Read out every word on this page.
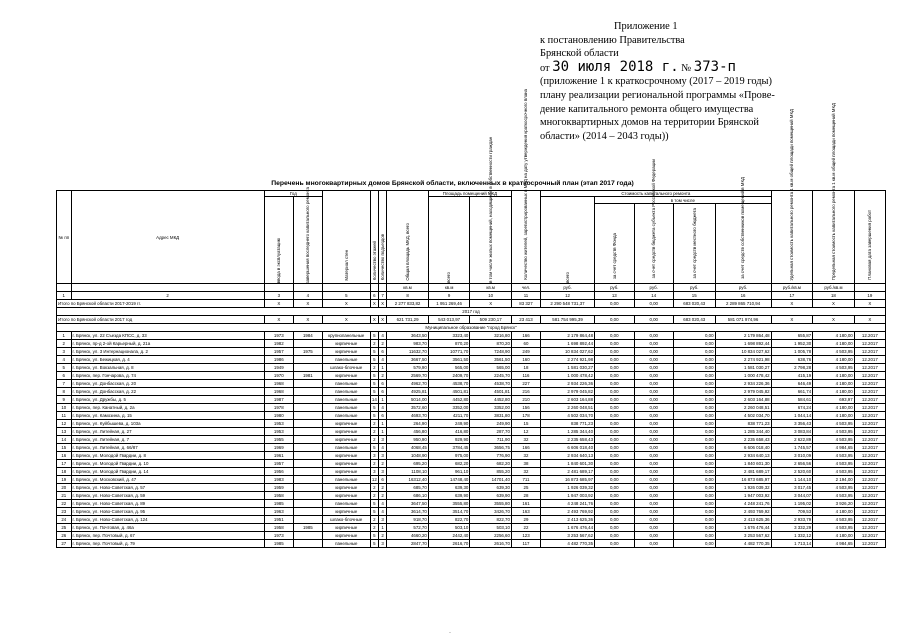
Приложение 1
к постановлению Правительства
Брянской области
от 30 июля 2018 г. № 373-п
(приложение 1 к краткосрочному (2017 – 2019 годы)
плану реализации региональной программы «Прове-
дение капитального ремонта общего имущества
многоквартирных домов на территории Брянской
области» (2014 – 2043 годы))
Перечень многоквартирных домов Брянской области, включенных в краткосрочный план (этап 2017 года)
№ пп	Адрес МКД	Год		Материал стен	Количество этажей	Количество подъездов	Общая площадь МКД, всего	Площадь помещений МКД		Количество жителей, зарегистрированных в МКД на дату утверждения краткосрочного плана	Стоимость капитального ремонта					Удельная стоимость капитального ремонта 1 кв.м общей площади помещений МКД	Предельная стоимость капитального ремонта 1 кв.м общей площади помещений МКД	Плановая дата завершения работ

		ввода в эксплуатацию	завершения последнего капитального ремонта					всего	в том числе жилых помещений, находящихся в собственности граждан		всего	в том числе						

												за счет средств Фонда	за счет средств бюджета субъекта Российской Федерации	за счет средств местного бюджета	за счет средств собственников помещений в МКД			

							кв.м	кв.м	кв.м	чел.	руб.	руб.	руб.	руб.	руб.	руб./кв.м	руб./кв.м	
1	2	3	4	5	6	7	8	9	10	11	12	13	14	15	16	17	18	19
Итого по Брянской области 2017-2019 гг.		X	X	X	X	X	2 277 833,82	1 951 269,46	X	83 327	2 290 548 731,37	0,00	0,00	683 020,43	2 289 865 710,94	X	X	X
2017 год																		
Итого по Брянской области 2017 год		X	X	X	X	X	621 731,29	543 013,97	509 230,17	23 413	581 754 995,39	0,00	0,00	683 020,43	581 071 974,96	X	X	X
Муниципальное образование "город Брянск"																		
1	г. Брянск, ул. 22 Съезда КПСС, д. 33	1973	1984	крупнопанельные	5	4	3643,50	3323,40	3216,80	166	2 179 864,48	0,00	0,00	0,00	2 179 864,48	655,87	4 180,00	12.2017
2	г. Брянск, пр-д 2-ой Карьерный, д. 21а	1982		кирпичные	2	2	983,70	870,20	870,20	60	1 698 892,44	0,00	0,00	0,00	1 698 892,44	1 952,30	4 180,00	12.2017
3	г. Брянск, ул. 3 Интернационала, д. 2	1957	1975	кирпичные	5	6	11632,70	10771,70	7248,90	249	10 834 027,62	0,00	0,00	0,00	10 834 027,62	1 005,78	4 503,95	12.2017
4	г. Брянск, ул. Бежицкая, д. 4	1986		панельные	5	4	3667,50	3561,50	3561,50	160	2 274 921,98	0,00	0,00	0,00	2 274 921,98	638,76	4 180,00	12.2017
5	г. Брянск, ул. Вокзальная, д. 8	1949		шлако-блочные	2	1	579,90	565,00	565,00	18	1 581 030,27	0,00	0,00	0,00	1 581 030,27	2 798,28	4 503,95	12.2017
6	г. Брянск, пер. Гончарова, д. 74	1970	1981	кирпичные	5	2	2569,70	2409,70	2245,70	116	1 000 478,42	0,00	0,00	0,00	1 000 478,42	415,19	4 180,00	12.2017
7	г. Брянск, ул. Донбасская, д. 20	1968		панельные	5	6	4962,70	4538,70	4538,70	227	2 934 226,36	0,00	0,00	0,00	2 934 226,36	646,49	4 180,00	12.2017
8	г. Брянск, ул. Донбасская, д. 22	1968		панельные	5	6	4925,81	4501,81	4501,81	216	2 979 045,82	0,00	0,00	0,00	2 979 045,82	661,74	4 180,00	12.2017
9	г. Брянск, ул. Дружбы, д. 5	1987		панельные	14	1	5014,00	4452,80	4452,80	210	2 603 164,88	0,00	0,00	0,00	2 603 164,88	584,61	693,97	12.2017
10	г. Брянск, пер. Канатный, д. 2а	1978		панельные	5	4	3572,60	3352,00	3352,00	156	2 260 048,51	0,00	0,00	0,00	2 260 048,51	674,24	4 180,00	12.2017
11	г. Брянск, ул. Камозина, д. 15	1980		панельные	5	6	4693,70	4211,70	3831,80	178	4 502 034,70	0,00	0,00	0,00	4 502 034,70	1 044,14	4 180,00	12.2017
12	г. Брянск, ул. Куйбышева, д. 103а	1953		кирпичные	2	1	264,90	249,90	249,90	15	838 771,23	0,00	0,00	0,00	838 771,23	3 356,43	4 503,95	12.2017
13	г. Брянск, ул. Литейная, д. 27	1953		кирпичные	2	1	456,80	416,80	287,70	12	1 285 344,40	0,00	0,00	0,00	1 285 344,40	3 083,84	4 503,95	12.2017
14	г. Брянск, ул. Литейная, д. 7	1955		кирпичные	2	3	950,90	929,90	711,90	32	2 235 658,43	0,00	0,00	0,00	2 235 658,43	2 622,89	4 503,95	12.2017
15	г. Брянск, ул. Литейная, д. 66/87	1969		панельные	5	4	4068,45	3784,45	3656,75	166	6 606 018,40	0,00	0,00	0,00	6 606 018,40	1 745,57	4 984,65	12.2017
16	г. Брянск, ул. Молодой Гвардии, д. 8	1961		кирпичные	3	3	1048,90	975,00	776,90	32	2 934 640,13	0,00	0,00	0,00	2 934 640,13	3 010,09	4 503,95	12.2017
17	г. Брянск, ул. Молодой Гвардии, д. 10	1957		кирпичные	2	2	695,20	682,20	682,20	38	1 840 601,30	0,00	0,00	0,00	1 840 601,30	2 656,56	4 503,95	12.2017
18	г. Брянск, ул. Молодой Гвардии, д. 14	1956		кирпичные	3	3	1108,10	961,10	855,20	32	2 481 689,17	0,00	0,00	0,00	2 481 689,17	2 520,60	4 503,95	12.2017
19	г. Брянск, ул. Московский, д. 47	1983		панельные	12	6	16312,40	14748,40	14701,40	711	16 873 685,97	0,00	0,00	0,00	16 873 685,97	1 144,10	2 194,00	12.2017
20	г. Брянск, ул. Ново-Советская, д. 57	1959		кирпичные	2	2	685,70	639,30	639,30	25	1 926 039,32	0,00	0,00	0,00	1 926 039,32	3 017,45	4 503,95	12.2017
21	г. Брянск, ул. Ново-Советская, д. 59	1958		кирпичные	2	2	686,10	639,90	639,90	28	1 947 003,92	0,00	0,00	0,00	1 947 003,92	3 044,07	4 503,95	12.2017
22	г. Брянск, ул. Ново-Советская, д. 89	1985		панельные	5	4	3647,50	3555,80	3555,80	161	4 248 241,76	0,00	0,00	0,00	4 248 241,76	1 195,02	3 926,20	12.2017
23	г. Брянск, ул. Ново-Советская, д. 95	1963		кирпичные	5	4	3614,70	3514,70	3426,70	163	2 493 769,92	0,00	0,00	0,00	2 493 769,92	709,53	4 180,00	12.2017
24	г. Брянск, ул. Ново-Советская, д. 124	1951		шлако-блочные	2	3	918,70	822,70	822,70	29	2 413 625,36	0,00	0,00	0,00	2 413 625,36	2 933,79	4 503,95	12.2017
25	г. Брянск, ул. Почтовая, д. 46а	1958	1985	кирпичные	2	1	572,70	503,10	503,10	22	1 676 476,44	0,00	0,00	0,00	1 676 476,44	3 332,29	4 503,95	12.2017
26	г. Брянск, пер. Почтовый, д. 67	1973		кирпичные	5	2	4660,20	2442,40	2256,60	123	3 253 567,62	0,00	0,00	0,00	3 253 567,62	1 332,12	4 180,00	12.2017
27	г. Брянск, пер. Почтовый, д. 79	1985		панельные	5	3	2847,70	2616,70	2616,70	117	4 482 770,35	0,00	0,00	0,00	4 482 770,35	1 713,14	4 984,65	12.2017
·
